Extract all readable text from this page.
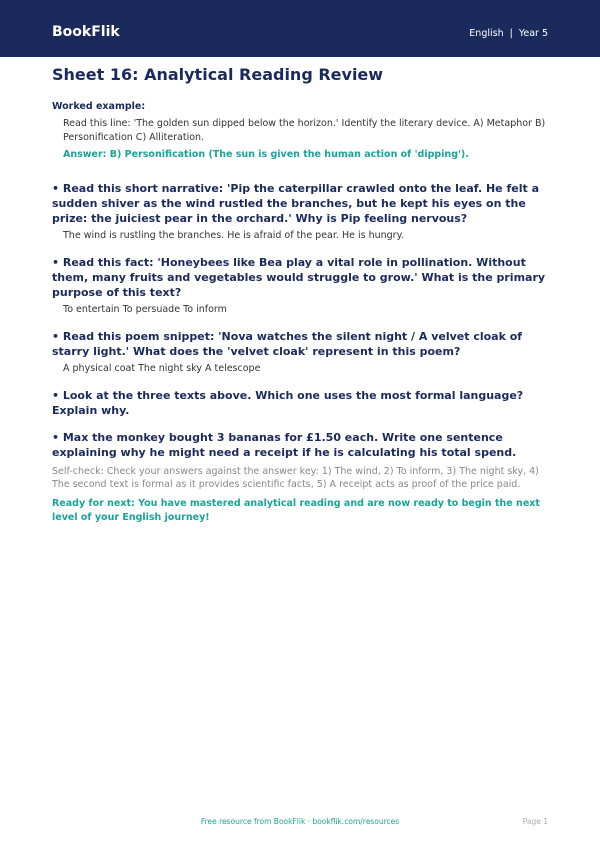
BookFlik	English | Year 5
Sheet 16: Analytical Reading Review
Worked example:
Read this line: 'The golden sun dipped below the horizon.' Identify the literary device. A) Metaphor B) Personification C) Alliteration.
Answer: B) Personification (The sun is given the human action of 'dipping').
• Read this short narrative: 'Pip the caterpillar crawled onto the leaf. He felt a sudden shiver as the wind rustled the branches, but he kept his eyes on the prize: the juiciest pear in the orchard.' Why is Pip feeling nervous?
The wind is rustling the branches. He is afraid of the pear. He is hungry.
• Read this fact: 'Honeybees like Bea play a vital role in pollination. Without them, many fruits and vegetables would struggle to grow.' What is the primary purpose of this text?
To entertain To persuade To inform
• Read this poem snippet: 'Nova watches the silent night / A velvet cloak of starry light.' What does the 'velvet cloak' represent in this poem?
A physical coat The night sky A telescope
• Look at the three texts above. Which one uses the most formal language? Explain why.
• Max the monkey bought 3 bananas for £1.50 each. Write one sentence explaining why he might need a receipt if he is calculating his total spend.
Self-check: Check your answers against the answer key: 1) The wind, 2) To inform, 3) The night sky, 4) The second text is formal as it provides scientific facts, 5) A receipt acts as proof of the price paid.
Ready for next: You have mastered analytical reading and are now ready to begin the next level of your English journey!
Free resource from BookFlik · bookflik.com/resources	Page 1
